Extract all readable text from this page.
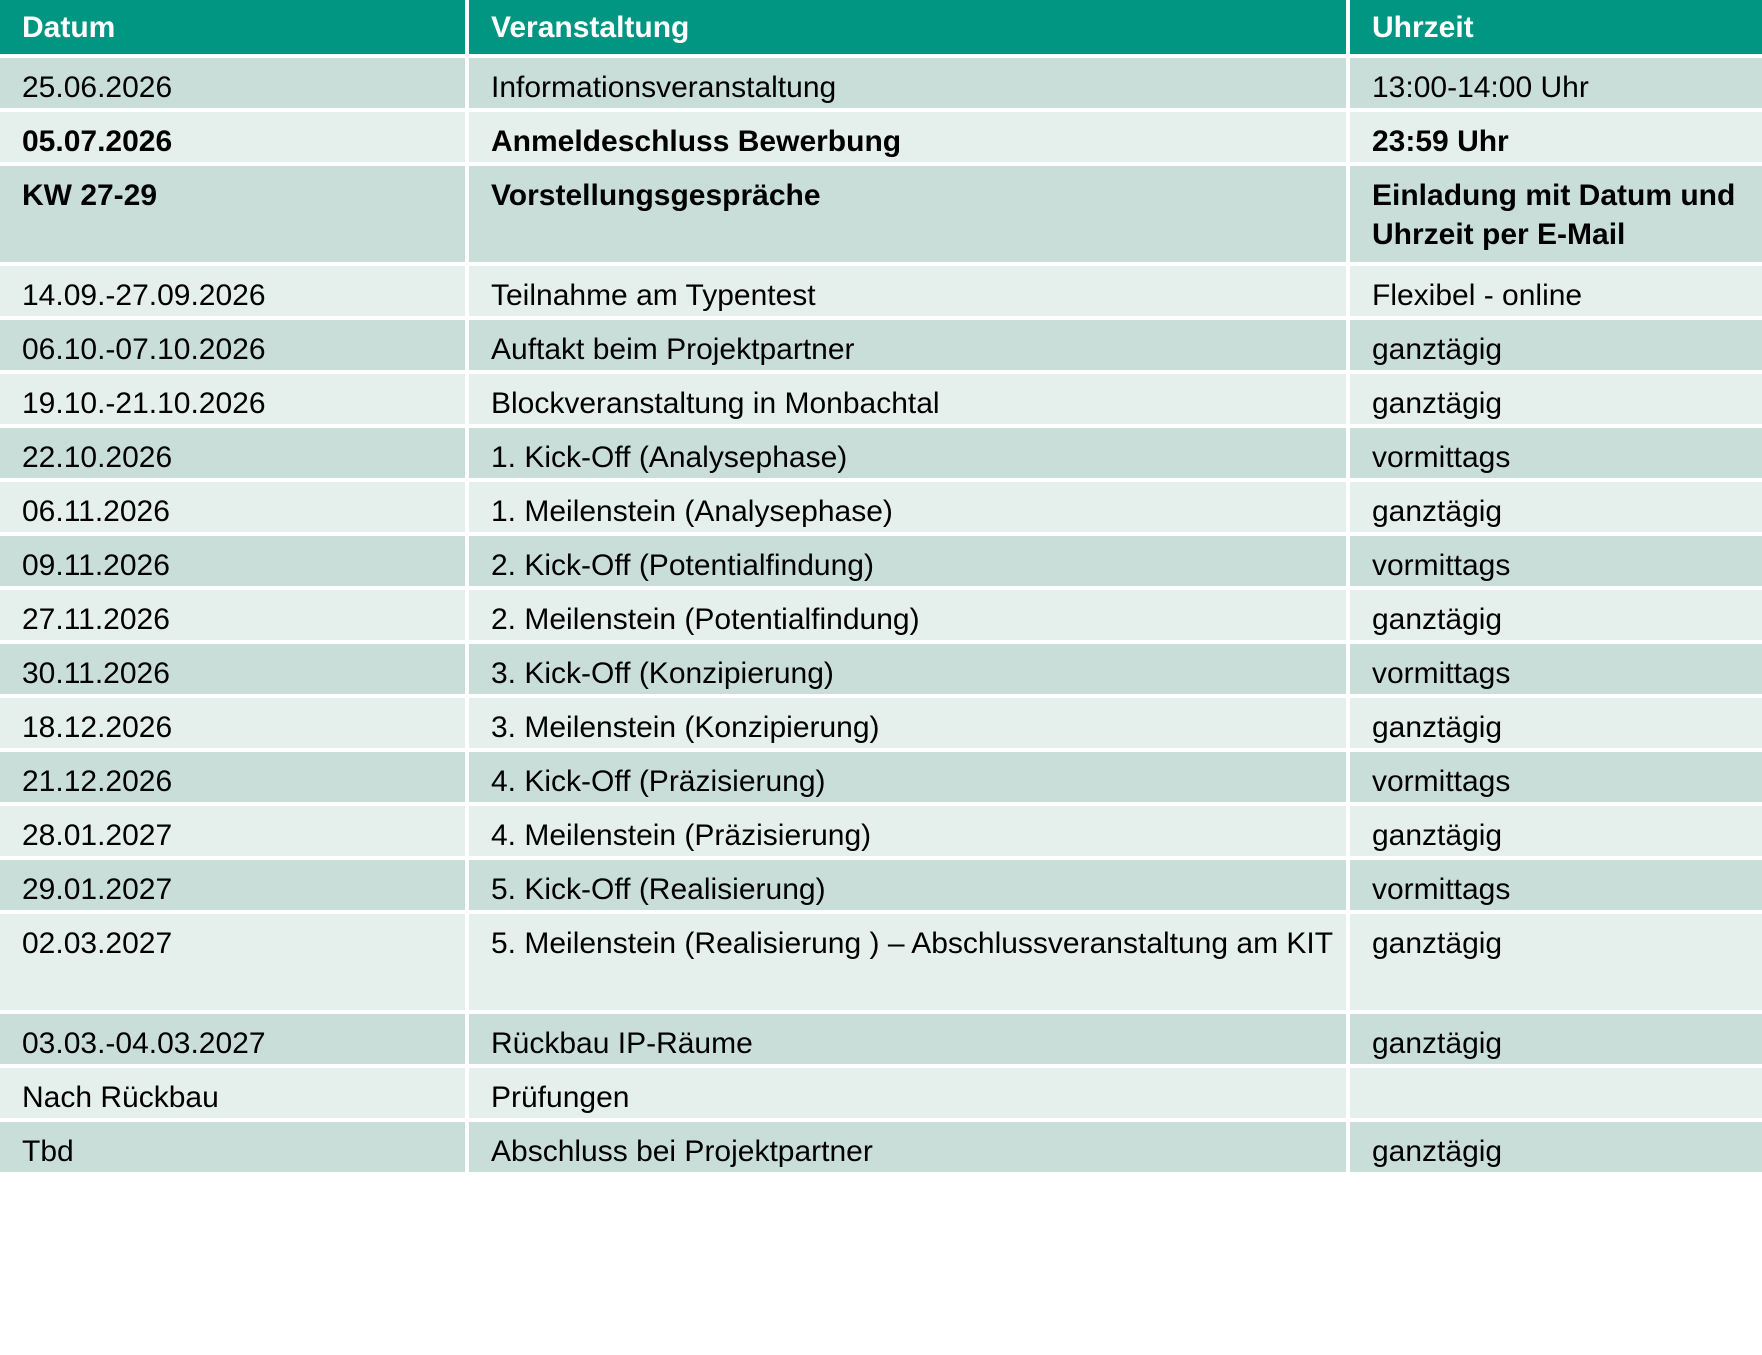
Datum	Veranstaltung	Uhrzeit
25.06.2026	Informationsveranstaltung	13:00-14:00 Uhr
05.07.2026	Anmeldeschluss Bewerbung	23:59 Uhr
KW 27-29	Vorstellungsgespräche	Einladung mit Datum und Uhrzeit per E-Mail
14.09.-27.09.2026	Teilnahme am Typentest	Flexibel - online
06.10.-07.10.2026	Auftakt beim Projektpartner	ganztägig
19.10.-21.10.2026	Blockveranstaltung in Monbachtal	ganztägig
22.10.2026	1. Kick-Off (Analysephase)	vormittags
06.11.2026	1. Meilenstein (Analysephase)	ganztägig
09.11.2026	2. Kick-Off (Potentialfindung)	vormittags
27.11.2026	2. Meilenstein (Potentialfindung)	ganztägig
30.11.2026	3. Kick-Off (Konzipierung)	vormittags
18.12.2026	3. Meilenstein (Konzipierung)	ganztägig
21.12.2026	4. Kick-Off (Präzisierung)	vormittags
28.01.2027	4. Meilenstein (Präzisierung)	ganztägig
29.01.2027	5. Kick-Off (Realisierung)	vormittags
02.03.2027	5. Meilenstein (Realisierung ) – Abschlussveranstaltung am KIT	ganztägig
03.03.-04.03.2027	Rückbau IP-Räume	ganztägig
Nach Rückbau	Prüfungen	
Tbd	Abschluss bei Projektpartner	ganztägig
